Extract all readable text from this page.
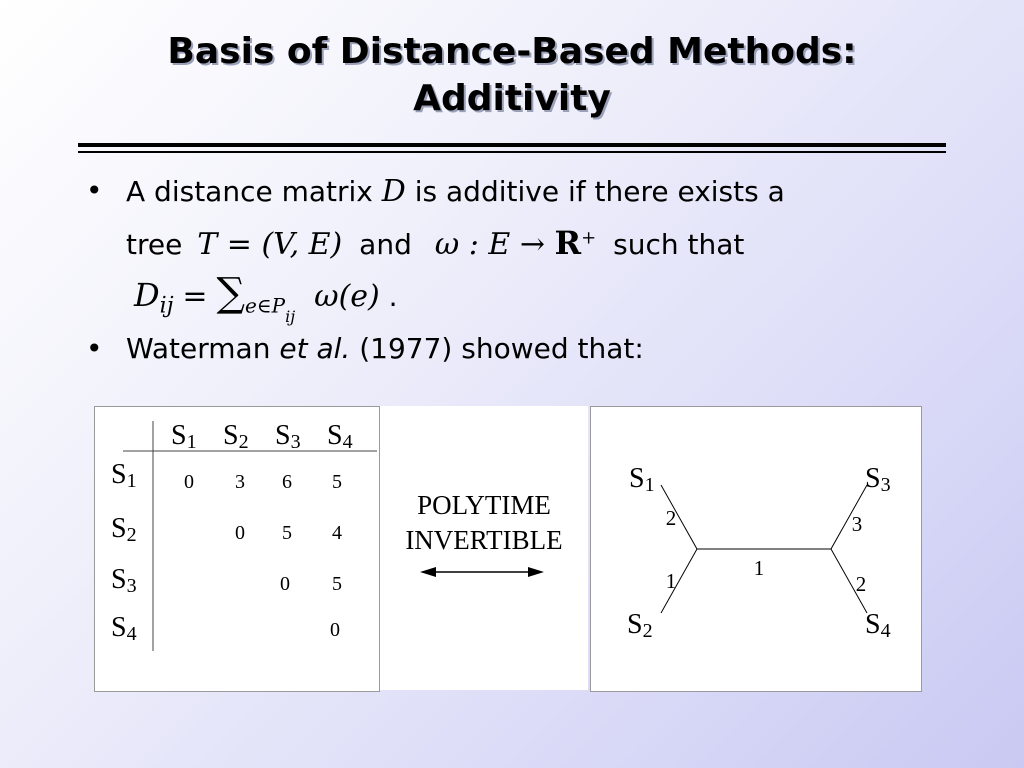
Basis of Distance-Based Methods:
Additivity
• A distance matrix D is additive if there exists a
tree T = (V, E) and ω : E → R+ such that
$D_{ij} = \sum_{e\in Pij}$ ω(e) .
• Waterman et al. (1977) showed that:
S1 S2 S3 S4
S1
S2
S3
S4
0 3 6 5
0 5 4
0 5
0
POLYTIME
INVERTIBLE
S1
S2
S3
S4
2
1
1
3
2
